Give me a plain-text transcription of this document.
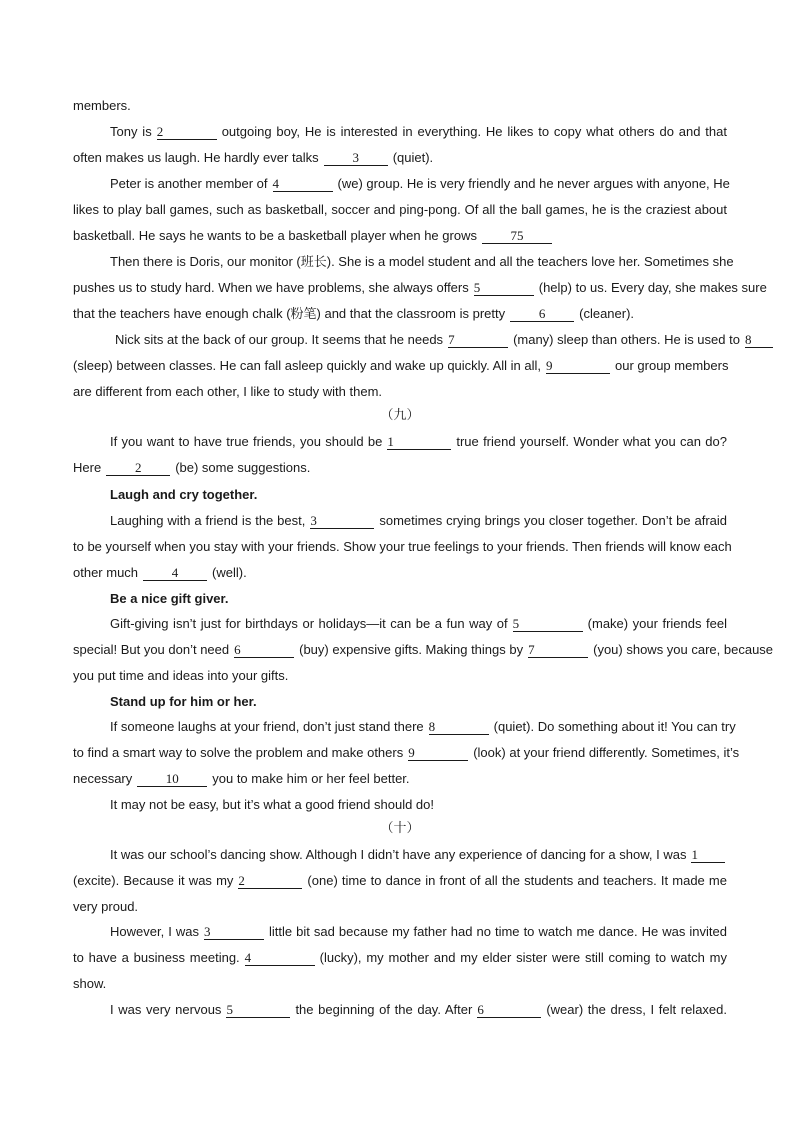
members.
Tony is 2	outgoing boy, He is interested in everything. He likes to copy what others do and that
often makes us laugh. He hardly ever talks	3	(quiet).
Peter is another member of 4	(we) group. He is very friendly and he never argues with anyone, He
likes to play ball games, such as basketball, soccer and ping-pong. Of all the ball games, he is the craziest about
basketball. He says he wants to be a basketball player when he grows	75
Then there is Doris, our monitor (班长). She is a model student and all the teachers love her. Sometimes she
pushes us to study hard. When we have problems, she always offers 5	(help) to us. Every day, she makes sure
that the teachers have enough chalk (粉笔) and that the classroom is pretty	6	(cleaner).
Nick sits at the back of our group. It seems that he needs 7	(many) sleep than others. He is used to 8
(sleep) between classes. He can fall asleep quickly and wake up quickly. All in all, 9	our group members
are different from each other, I like to study with them.
（九）
If you want to have true friends, you should be 1	true friend yourself. Wonder what you can do?
Here	2	(be) some suggestions.
Laugh and cry together.
Laughing with a friend is the best, 3	sometimes crying brings you closer together. Don’t be afraid
to be yourself when you stay with your friends. Show your true feelings to your friends. Then friends will know each
other much	4	(well).
Be a nice gift giver.
Gift-giving isn’t just for birthdays or holidays—it can be a fun way of 5	(make) your friends feel
special! But you don’t need 6	(buy) expensive gifts. Making things by 7	(you) shows you care, because
you put time and ideas into your gifts.
Stand up for him or her.
If someone laughs at your friend, don’t just stand there 8	(quiet). Do something about it! You can try
to find a smart way to solve the problem and make others 9	(look) at your friend differently. Sometimes, it’s
necessary	10	you to make him or her feel better.
It may not be easy, but it’s what a good friend should do!
（十）
It was our school’s dancing show. Although I didn’t have any experience of dancing for a show, I was 1
(excite). Because it was my 2	(one) time to dance in front of all the students and teachers. It made me
very proud.
However, I was 3	little bit sad because my father had no time to watch me dance. He was invited
to have a business meeting. 4	(lucky), my mother and my elder sister were still coming to watch my
show.
I was very nervous 5	the beginning of the day. After 6	(wear) the dress, I felt relaxed.
